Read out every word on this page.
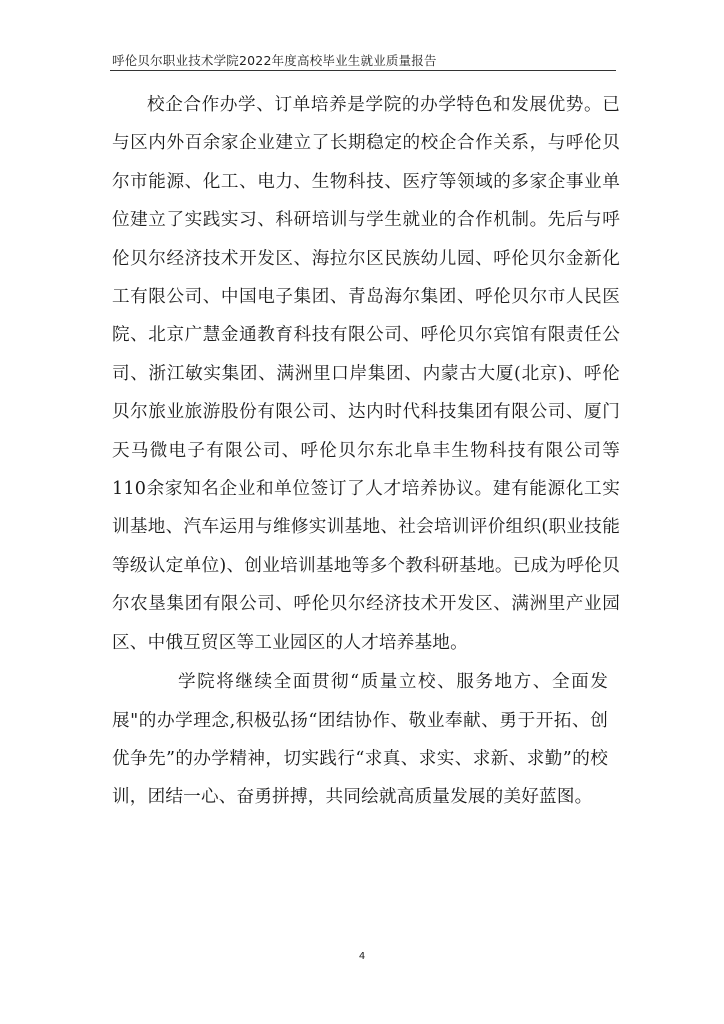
呼伦贝尔职业技术学院2022年度高校毕业生就业质量报告

校企合作办学、订单培养是学院的办学特色和发展优势。已与区内外百余家企业建立了长期稳定的校企合作关系，与呼伦贝尔市能源、化工、电力、生物科技、医疗等领域的多家企事业单位建立了实践实习、科研培训与学生就业的合作机制。先后与呼伦贝尔经济技术开发区、海拉尔区民族幼儿园、呼伦贝尔金新化工有限公司、中国电子集团、青岛海尔集团、呼伦贝尔市人民医院、北京广慧金通教育科技有限公司、呼伦贝尔宾馆有限责任公司、浙江敏实集团、满洲里口岸集团、内蒙古大厦(北京)、呼伦贝尔旅业旅游股份有限公司、达内时代科技集团有限公司、厦门天马微电子有限公司、呼伦贝尔东北阜丰生物科技有限公司等110余家知名企业和单位签订了人才培养协议。建有能源化工实训基地、汽车运用与维修实训基地、社会培训评价组织(职业技能等级认定单位)、创业培训基地等多个教科研基地。已成为呼伦贝尔农垦集团有限公司、呼伦贝尔经济技术开发区、满洲里产业园区、中俄互贸区等工业园区的人才培养基地。

学院将继续全面贯彻“质量立校、服务地方、全面发展"的办学理念,积极弘扬“团结协作、敬业奉献、勇于开拓、创优争先”的办学精神，切实践行“求真、求实、求新、求勤”的校训，团结一心、奋勇拼搏，共同绘就高质量发展的美好蓝图。

4
